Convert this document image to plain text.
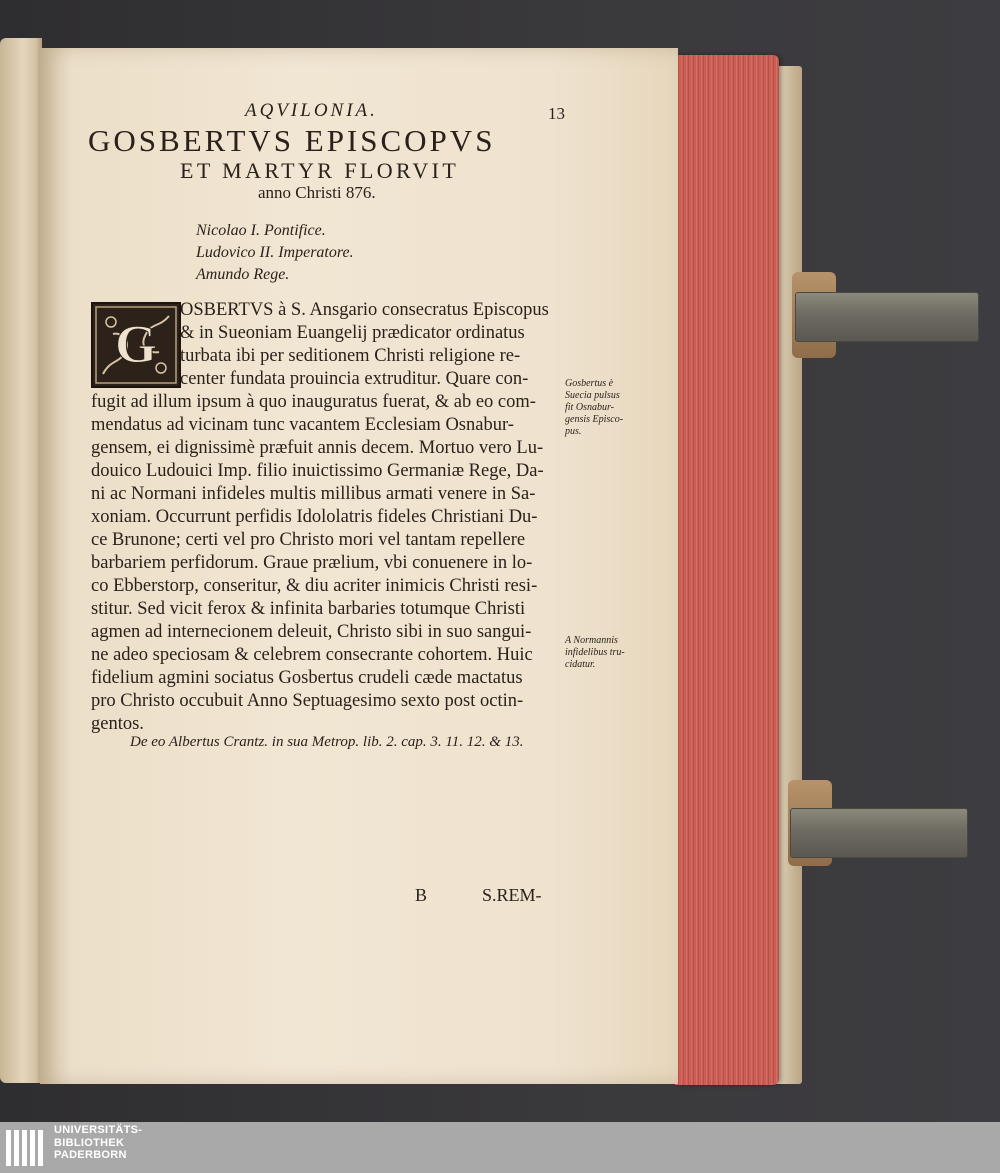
AQVILONIA.	13
GOSBERTVS EPISCOPVS
ET MARTYR FLORVIT
anno Christi 876.
Nicolao I. Pontifice.
Ludovico II. Imperatore.
Amundo Rege.
G
OSBERTVS à S. Ansgario consecratus Episcopus
& in Sueoniam Euangelij prædicator ordinatus
turbata ibi per seditionem Christi religione re-
center fundata prouincia extruditur. Quare con-
fugit ad illum ipsum à quo inauguratus fuerat, & ab eo com-
mendatus ad vicinam tunc vacantem Ecclesiam Osnabur-
gensem, ei dignissimè præfuit annis decem. Mortuo vero Lu-
douico Ludouici Imp. filio inuictissimo Germaniæ Rege, Da-
ni ac Normani infideles multis millibus armati venere in Sa-
xoniam. Occurrunt perfidis Idololatris fideles Christiani Du-
ce Brunone; certi vel pro Christo mori vel tantam repellere
barbariem perfidorum. Graue prælium, vbi conuenere in lo-
co Ebberstorp, conseritur, & diu acriter inimicis Christi resi-
stitur. Sed vicit ferox & infinita barbaries totumque Christi
agmen ad internecionem deleuit, Christo sibi in suo sangui-
ne adeo speciosam & celebrem consecrante cohortem. Huic
fidelium agmini sociatus Gosbertus crudeli cæde mactatus
pro Christo occubuit Anno Septuagesimo sexto post octin-
gentos.
Gosbertus è
Suecia pulsus
fit Osnabur-
gensis Episco-
pus.
A Normannis
infidelibus tru-
cidatur.
De eo Albertus Crantz. in sua Metrop. lib. 2. cap. 3. 11. 12. & 13.
B	S.REM-
UNIVERSITÄTS-
BIBLIOTHEK
PADERBORN
